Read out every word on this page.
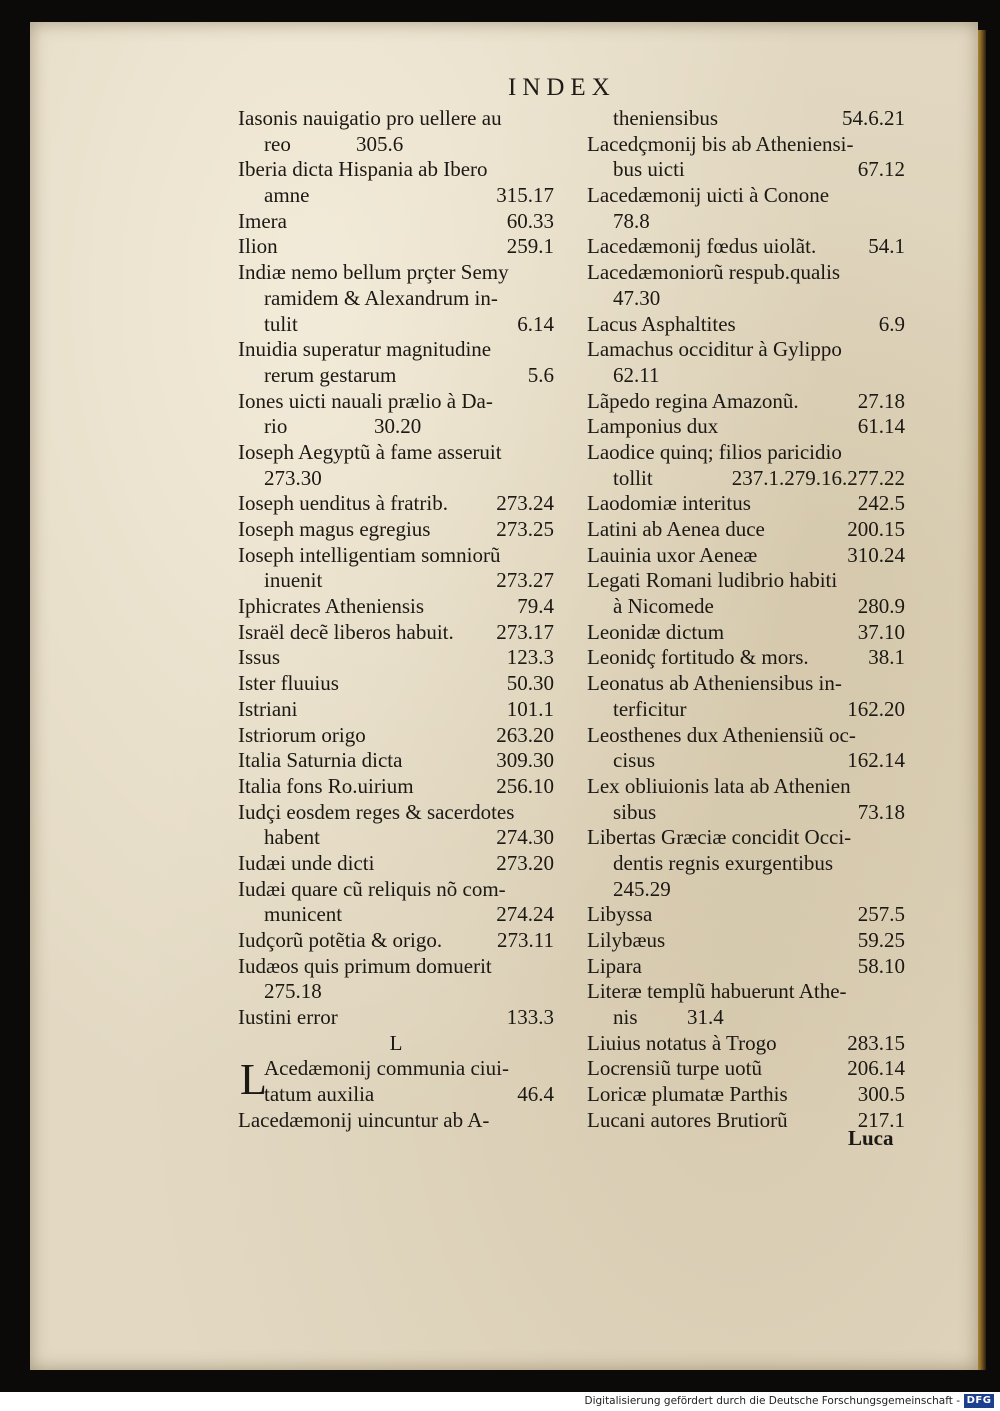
INDEX
Iasonis nauigatio pro uellere au
reo	305.6
Iberia dicta Hispania ab Ibero
amne	315.17
Imera	60.33
Ilion	259.1
Indiæ nemo bellum prçter Semy
ramidem & Alexandrum in-
tulit	6.14
Inuidia superatur magnitudine
rerum gestarum	5.6
Iones uicti nauali prælio à Da-
rio	30.20
Ioseph Aegyptũ à fame asseruit
273.30
Ioseph uenditus à fratrib. 273.24
Ioseph magus egregius	273.25
Ioseph intelligentiam somniorũ
inuenit	273.27
Iphicrates Atheniensis	79.4
Israël decẽ liberos habuit. 273.17
Issus	123.3
Ister fluuius	50.30
Istriani	101.1
Istriorum origo	263.20
Italia Saturnia dicta	309.30
Italia fons Ro.uirium	256.10
Iudçi eosdem reges & sacerdotes
habent	274.30
Iudæi unde dicti	273.20
Iudæi quare cũ reliquis nõ com-
municent	274.24
Iudçorũ potẽtia & origo.	273.11
Iudæos quis primum domuerit
275.18
Iustini error	133.3
L
L
Acedæmonij communia ciui-
tatum auxilia	46.4
Lacedæmonij uincuntur ab A-
theniensibus	54.6.21
Lacedçmonij bis ab Atheniensi-
bus uicti	67.12
Lacedæmonij uicti à Conone
78.8
Lacedæmonij fœdus uiolãt. 54.1
Lacedæmoniorũ respub.qualis
47.30
Lacus Asphaltites	6.9
Lamachus occiditur à Gylippo
62.11
Lãpedo regina Amazonũ.	27.18
Lamponius dux	61.14
Laodice quinq; filios paricidio
tollit	237.1.279.16.277.22
Laodomiæ interitus	242.5
Latini ab Aenea duce	200.15
Lauinia uxor Aeneæ	310.24
Legati Romani ludibrio habiti
à Nicomede	280.9
Leonidæ dictum	37.10
Leonidç fortitudo & mors.	38.1
Leonatus ab Atheniensibus in-
terficitur	162.20
Leosthenes dux Atheniensiũ oc-
cisus	162.14
Lex obliuionis lata ab Athenien
sibus	73.18
Libertas Græciæ concidit Occi-
dentis regnis exurgentibus
245.29
Libyssa	257.5
Lilybæus	59.25
Lipara	58.10
Literæ templũ habuerunt Athe-
nis 31.4
Liuius notatus à Trogo	283.15
Locrensiũ turpe uotũ	206.14
Loricæ plumatæ Parthis	300.5
Lucani autores Brutiorũ	217.1
Luca
Digitalisierung gefördert durch die Deutsche Forschungsgemeinschaft - DFG
